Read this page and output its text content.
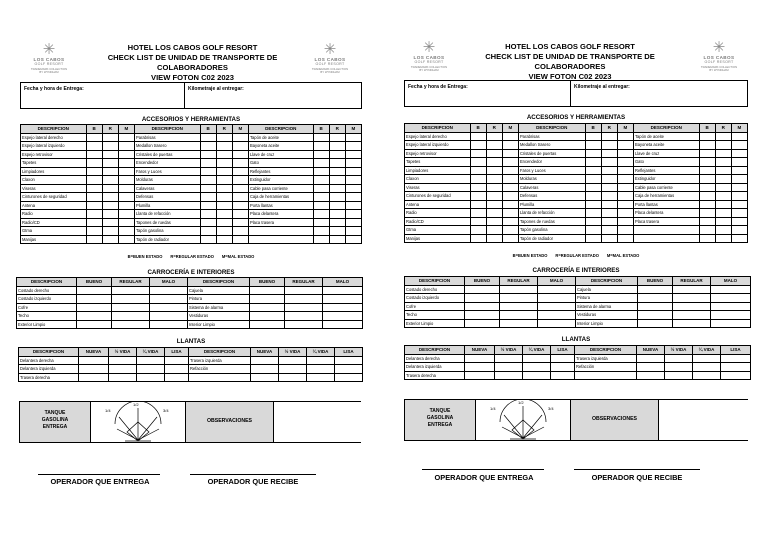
✳
LOS CABOS
GOLF RESORT
TRADEMARK COLLECTION
BY WYNDHAM
HOTEL LOS CABOS GOLF RESORT
CHECK LIST DE UNIDAD DE TRANSPORTE DE COLABORADORES
VIEW FOTON C02 2023
✳
LOS CABOS
GOLF RESORT
TRADEMARK COLLECTION
BY WYNDHAM
Fecha y hora de Entrega:	Kilometraje al entregar:
ACCESORIOS Y HERRAMIENTAS
DESCRIPCION	B	R	M	DESCRIPCION	B	R	M	DESCRIPCION	B	R	M
Espejo lateral derecho				Parabrisas				Tapón de aceite			
Espejo lateral izquierdo				Medallon trasero				Bayoneta aceite			
Espejo retrovisor				Cristales de puertas				Llave de cruz			
Tapetes				Encendedor				Gato			
Limpiadores				Faros y Luces				Reflejantes			
Claxon				Molduras				Extinguidor			
Viseras				Calaveras				Cable pasa corriente			
Cinturones de seguridad				Defensas				Caja de herramientas			
Antena				Plumilla				Porta llantas			
Radio				Llanta de refacción				Placa delantera			
Radio/CD				Tapones de ruedas				Placa trasera			
Gtma				Tapón gasolina							
Manijas				Tapón de radiador							
B=BUEN ESTADO R=REGULAR ESTADO M=MAL ESTADO
CARROCERÍA E INTERIORES
DESCRIPCION	BUENO	REGULAR	MALO	DESCRIPCION	BUENO	REGULAR	MALO
Costado derecho				Cajuela			
Costado izquierdo				Pintura			
Cofre				Sistema de alarma			
Techo				Vestiduras			
Exterior Limpio				Interior Limpio			
LLANTAS
DESCRIPCION	NUEVA	½ VIDA	¼ VIDA	LISA	DESCRIPCION	NUEVA	½ VIDA	¼ VIDA	LISA
Delantera derecha					Trasera izquierda				
Delantera izquierda					Refacción				
Trasera derecha									
TANQUE
GASOLINA
ENTREGA
1/4
1/2
3/4
OBSERVACIONES
OPERADOR QUE ENTREGA	OPERADOR QUE RECIBE
✳
LOS CABOS
GOLF RESORT
TRADEMARK COLLECTION
BY WYNDHAM
HOTEL LOS CABOS GOLF RESORT
CHECK LIST DE UNIDAD DE TRANSPORTE DE COLABORADORES
VIEW FOTON C02 2023
✳
LOS CABOS
GOLF RESORT
TRADEMARK COLLECTION
BY WYNDHAM
Fecha y hora de Entrega:	Kilometraje al entregar:
ACCESORIOS Y HERRAMIENTAS
DESCRIPCION	B	R	M	DESCRIPCION	B	R	M	DESCRIPCION	B	R	M
Espejo lateral derecho				Parabrisas				Tapón de aceite			
Espejo lateral izquierdo				Medallon trasero				Bayoneta aceite			
Espejo retrovisor				Cristales de puertas				Llave de cruz			
Tapetes				Encendedor				Gato			
Limpiadores				Faros y Luces				Reflejantes			
Claxon				Molduras				Extinguidor			
Viseras				Calaveras				Cable pasa corriente			
Cinturones de seguridad				Defensas				Caja de herramientas			
Antena				Plumilla				Porta llantas			
Radio				Llanta de refacción				Placa delantera			
Radio/CD				Tapones de ruedas				Placa trasera			
Gtma				Tapón gasolina							
Manijas				Tapón de radiador							
B=BUEN ESTADO R=REGULAR ESTADO M=MAL ESTADO
CARROCERÍA E INTERIORES
DESCRIPCION	BUENO	REGULAR	MALO	DESCRIPCION	BUENO	REGULAR	MALO
Costado derecho				Cajuela			
Costado izquierdo				Pintura			
Cofre				Sistema de alarma			
Techo				Vestiduras			
Exterior Limpio				Interior Limpio			
LLANTAS
DESCRIPCION	NUEVA	½ VIDA	¼ VIDA	LISA	DESCRIPCION	NUEVA	½ VIDA	¼ VIDA	LISA
Delantera derecha					Trasera izquierda				
Delantera izquierda					Refacción				
Trasera derecha									
TANQUE
GASOLINA
ENTREGA
1/4
1/2
3/4
OBSERVACIONES
OPERADOR QUE ENTREGA	OPERADOR QUE RECIBE
